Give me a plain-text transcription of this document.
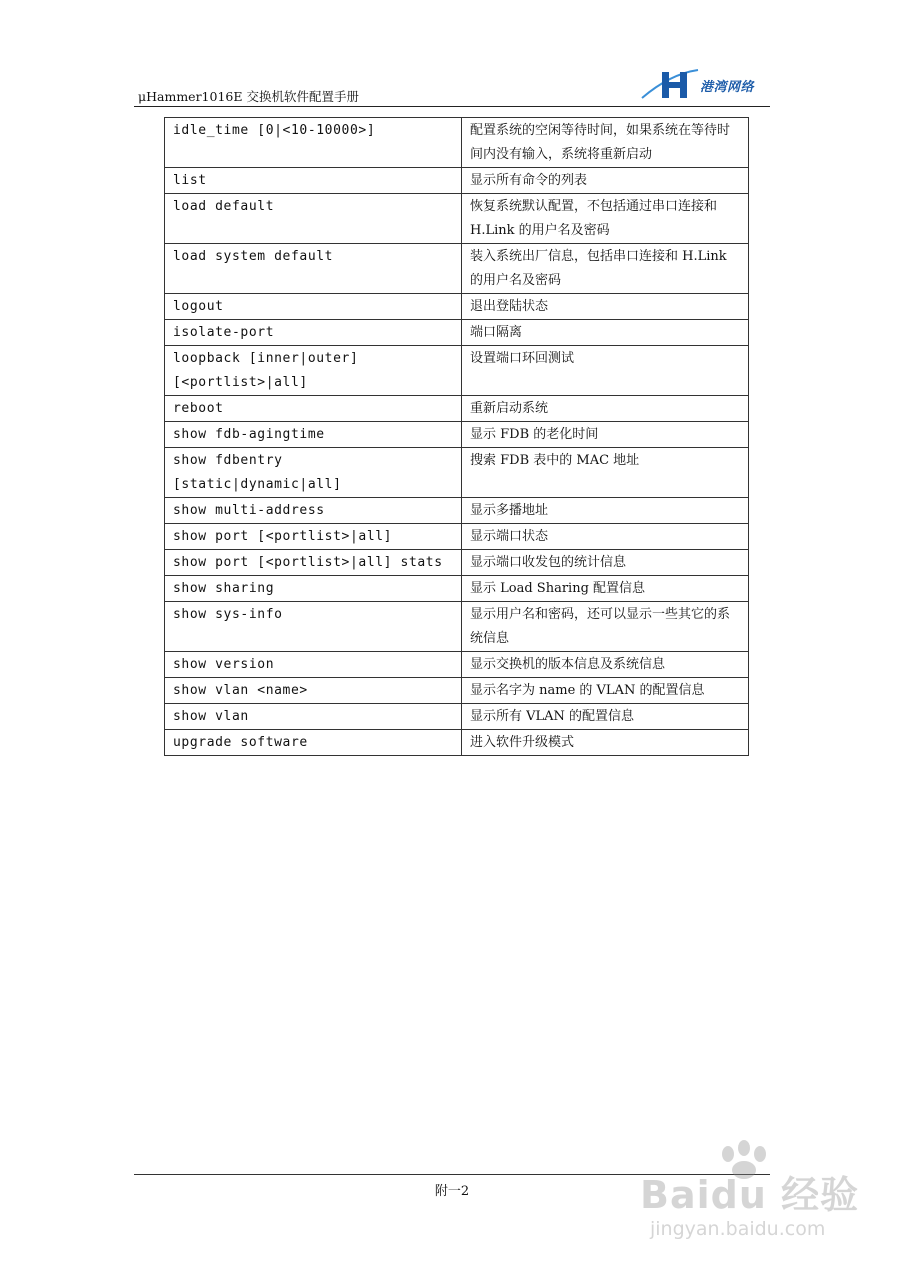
μHammer1016E 交换机软件配置手册
港湾网络
idle_time [0|<10-10000>]	配置系统的空闲等待时间，如果系统在等待时间内没有输入，系统将重新启动
list	显示所有命令的列表
load default	恢复系统默认配置，不包括通过串口连接和 H.Link 的用户名及密码
load system default	装入系统出厂信息，包括串口连接和 H.Link 的用户名及密码
logout	退出登陆状态
isolate-port	端口隔离
loopback [inner|outer] [<portlist>|all]	设置端口环回测试
reboot	重新启动系统
show fdb-agingtime	显示 FDB 的老化时间
show fdbentry [static|dynamic|all]	搜索 FDB 表中的 MAC 地址
show multi-address	显示多播地址
show port [<portlist>|all]	显示端口状态
show port [<portlist>|all] stats	显示端口收发包的统计信息
show sharing	显示 Load Sharing 配置信息
show sys-info	显示用户名和密码，还可以显示一些其它的系统信息
show version	显示交换机的版本信息及系统信息
show vlan <name>	显示名字为 name 的 VLAN 的配置信息
show vlan	显示所有 VLAN 的配置信息
upgrade software	进入软件升级模式
附一2	Baidu 经验
jingyan.baidu.com
